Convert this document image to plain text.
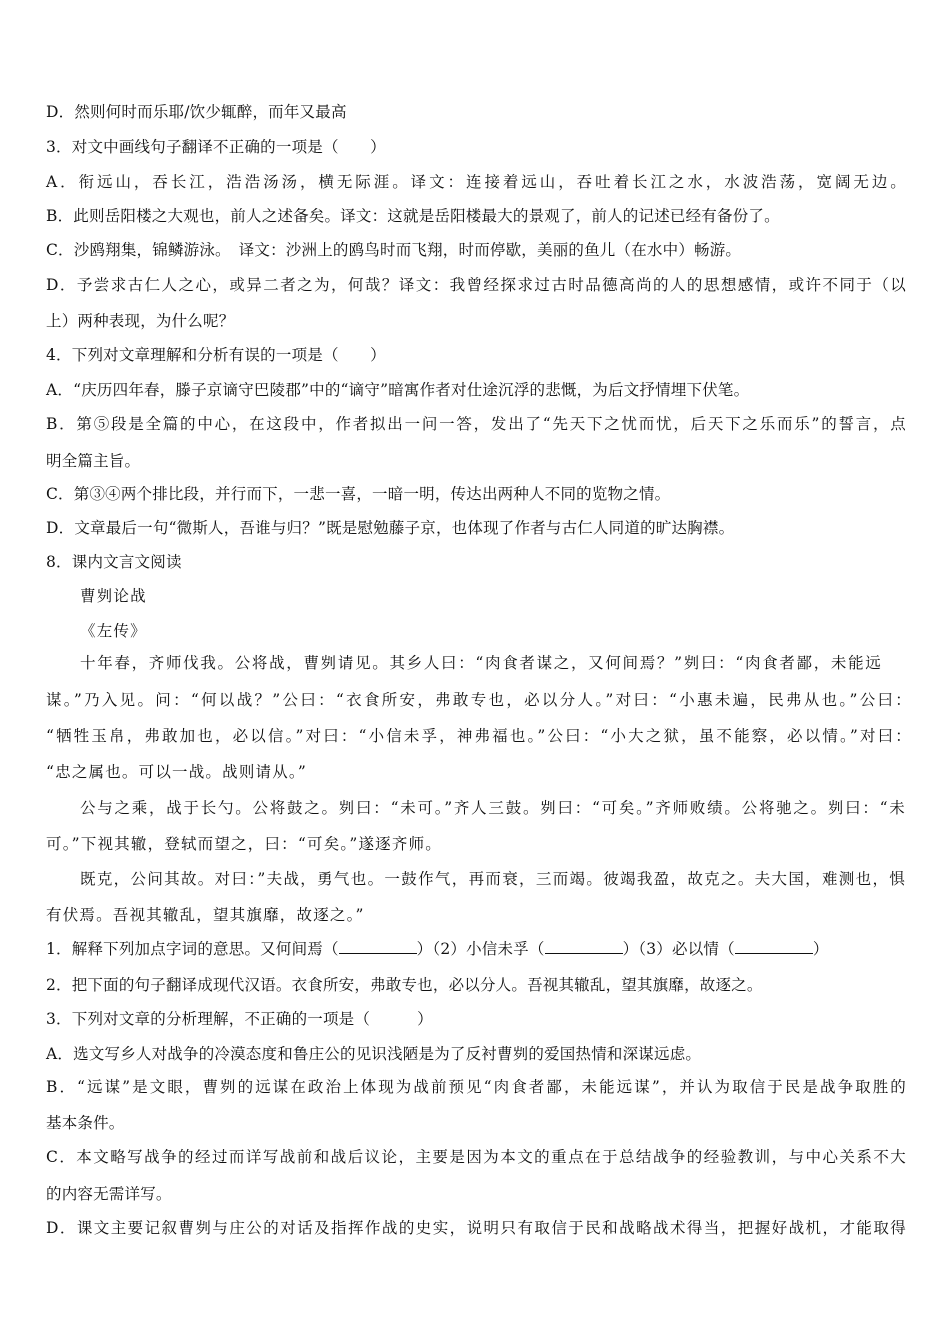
D．然则何时而乐耶/饮少辄醉，而年又最高
3．对文中画线句子翻译不正确的一项是（　　）
A．衔远山，吞长江，浩浩汤汤，横无际涯。译文：连接着远山，吞吐着长江之水，水波浩荡，宽阔无边。
B．此则岳阳楼之大观也，前人之述备矣。译文：这就是岳阳楼最大的景观了，前人的记述已经有备份了。
C．沙鸥翔集，锦鳞游泳。　译文：沙洲上的鸥鸟时而飞翔，时而停歇，美丽的鱼儿（在水中）畅游。
D．予尝求古仁人之心，或异二者之为，何哉？译文：我曾经探求过古时品德高尚的人的思想感情，或许不同于（以
上）两种表现，为什么呢？
4．下列对文章理解和分析有误的一项是（　　）
A．“庆历四年春，滕子京谪守巴陵郡”中的“谪守”暗寓作者对仕途沉浮的悲慨，为后文抒情埋下伏笔。
B．第⑤段是全篇的中心，在这段中，作者拟出一问一答，发出了“先天下之忧而忧，后天下之乐而乐”的誓言，点
明全篇主旨。
C．第③④两个排比段，并行而下，一悲一喜，一暗一明，传达出两种人不同的览物之情。
D．文章最后一句“微斯人，吾谁与归？”既是慰勉藤子京，也体现了作者与古仁人同道的旷达胸襟。
8．课内文言文阅读
曹刿论战
《左传》
十年春，齐师伐我。公将战，曹刿请见。其乡人曰：“肉食者谋之，又何间焉？”刿曰：“肉食者鄙，未能远
谋。”乃入见。问：“何以战？”公曰：“衣食所安，弗敢专也，必以分人。”对曰：“小惠未遍，民弗从也。”公曰：
“牺牲玉帛，弗敢加也，必以信。”对曰：“小信未孚，神弗福也。”公曰：“小大之狱，虽不能察，必以情。”对曰：
“忠之属也。可以一战。战则请从。”
公与之乘，战于长勺。公将鼓之。刿曰：“未可。”齐人三鼓。刿曰：“可矣。”齐师败绩。公将驰之。刿曰：“未
可。”下视其辙，登轼而望之，曰：“可矣。”遂逐齐师。
既克，公问其故。对曰：”夫战，勇气也。一鼓作气，再而衰，三而竭。彼竭我盈，故克之。夫大国，难测也，惧
有伏焉。吾视其辙乱，望其旗靡，故逐之。”
1．解释下列加点字词的意思。又何间焉（	）（2）小信未孚（	）（3）必以情（	）
2．把下面的句子翻译成现代汉语。衣食所安，弗敢专也，必以分人。吾视其辙乱，望其旗靡，故逐之。
3．下列对文章的分析理解，不正确的一项是（　　　）
A．选文写乡人对战争的冷漠态度和鲁庄公的见识浅陋是为了反衬曹刿的爱国热情和深谋远虑。
B．“远谋”是文眼，曹刿的远谋在政治上体现为战前预见“肉食者鄙，未能远谋”，并认为取信于民是战争取胜的
基本条件。
C．本文略写战争的经过而详写战前和战后议论，主要是因为本文的重点在于总结战争的经验教训，与中心关系不大
的内容无需详写。
D．课文主要记叙曹刿与庄公的对话及指挥作战的史实，说明只有取信于民和战略战术得当，把握好战机，才能取得
